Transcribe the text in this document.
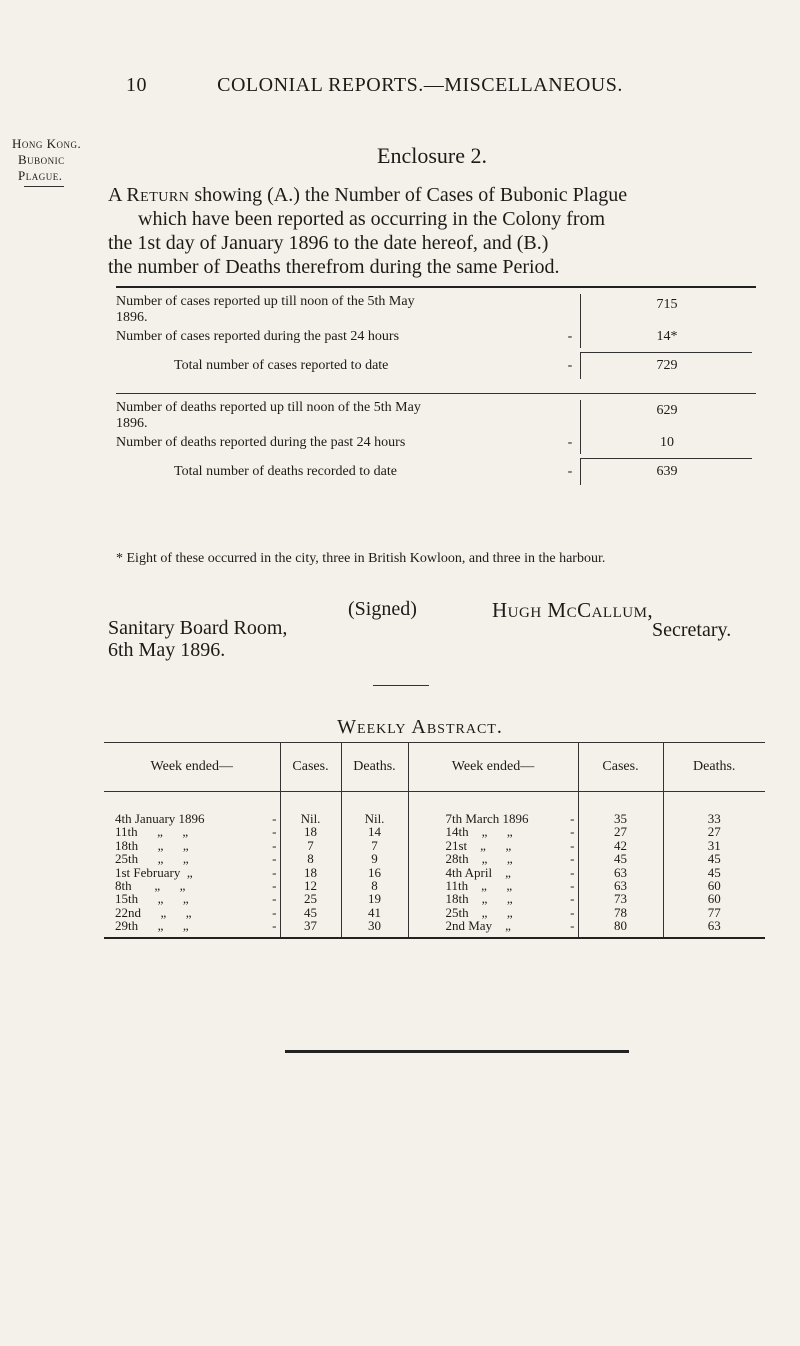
10	COLONIAL REPORTS.—MISCELLANEOUS.
Hong Kong.
Bubonic
Plague.
Enclosure 2.
A Return showing (A.) the Number of Cases of Bubonic Plague
which have been reported as occurring in the Colony from
the 1st day of January 1896 to the date hereof, and (B.)
the number of Deaths therefrom during the same Period.
Number of cases reported up till noon of the 5th May
1896.
715
Number of cases reported during the past 24 hours	-	14*
Total number of cases reported to date	-	729
Number of deaths reported up till noon of the 5th May
1896.
629
Number of deaths reported during the past 24 hours	-	10
Total number of deaths recorded to date	-	639
* Eight of these occurred in the city, three in British Kowloon, and three in the harbour.
(Signed)	Hugh McCallum,
Sanitary Board Room,	Secretary.
6th May 1896.
Weekly Abstract.
Week ended—	Cases.	Deaths.	Week ended—	Cases.	Deaths.

4th January 1896 -	Nil.	Nil.	7th March 1896 -	35	33
11th      „      „ -	18	14	14th    „      „ -	27	27
18th      „      „ -	7	7	21st    „      „ -	42	31
25th      „      „ -	8	9	28th    „      „ -	45	45
1st February  „ -	18	16	4th April    „ -	63	45
8th       „      „ -	12	8	11th    „      „ -	63	60
15th      „      „ -	25	19	18th    „      „ -	73	60
22nd      „      „ -	45	41	25th    „      „ -	78	77
29th      „      „ -	37	30	2nd May    „ -	80	63
